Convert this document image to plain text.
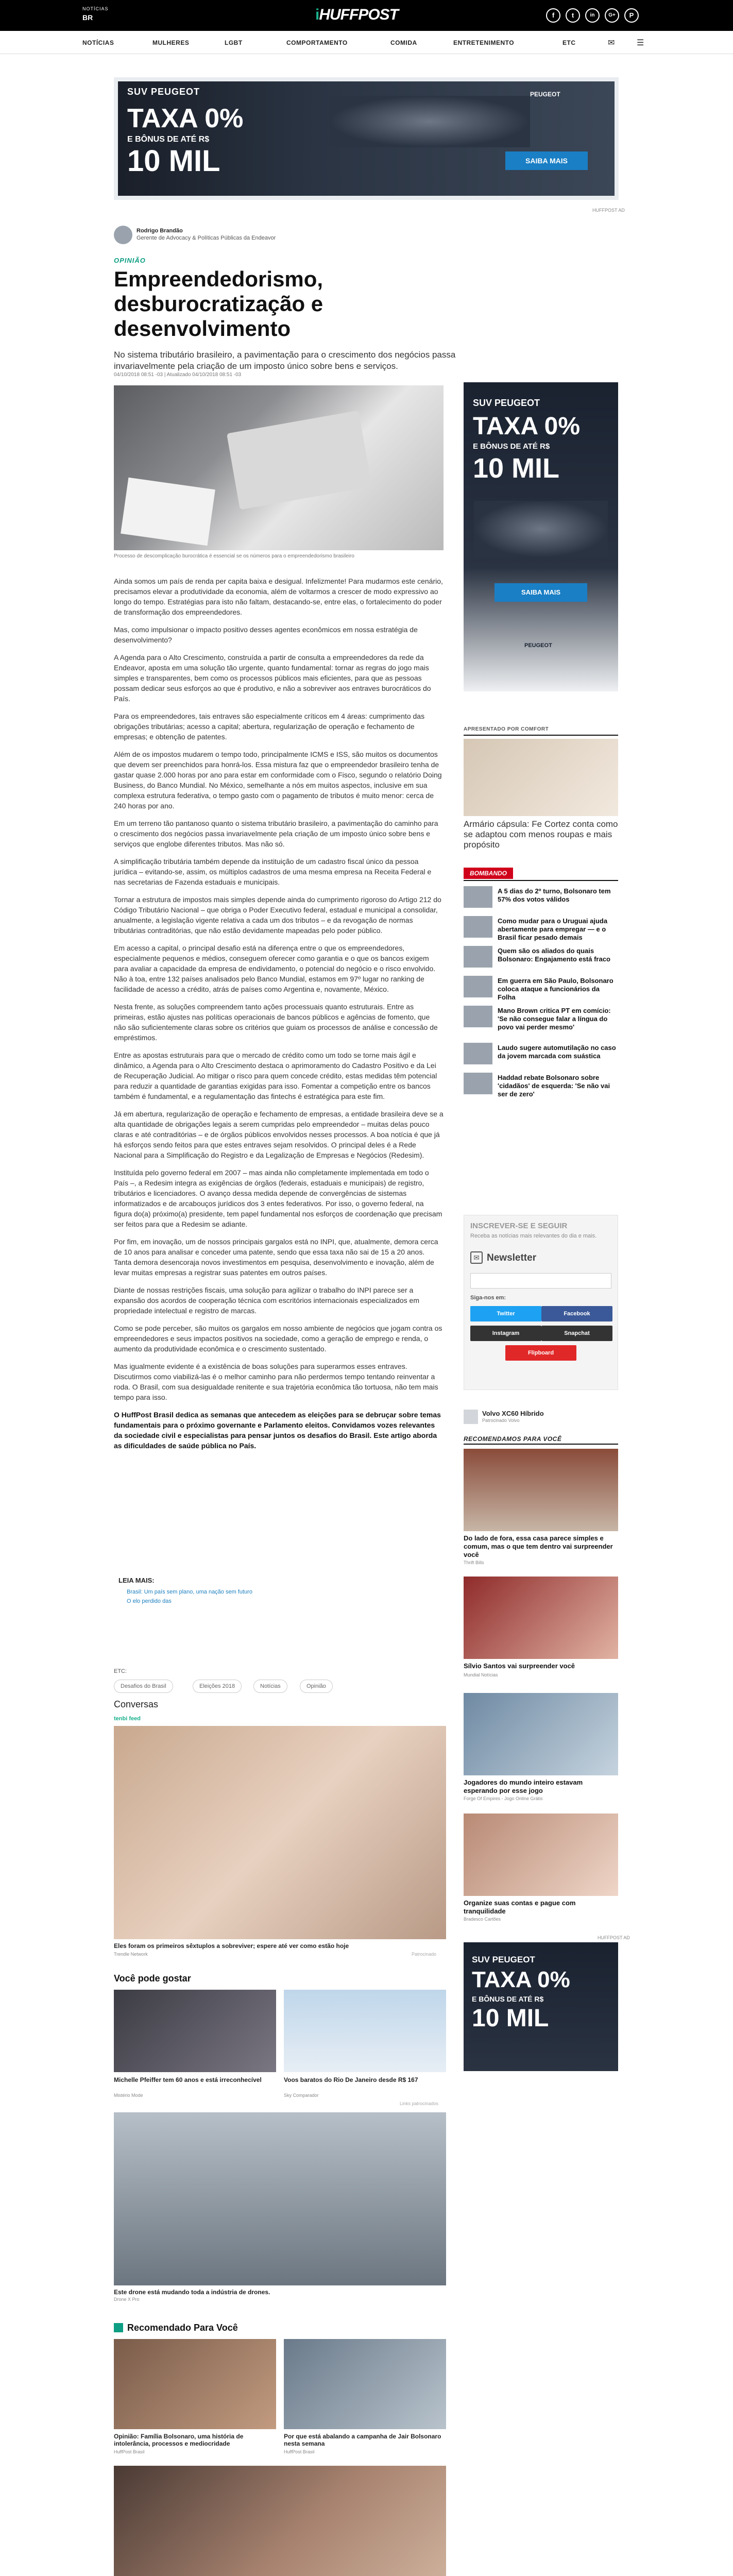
NOTÍCIAS
BR	iHUFFPOST	f	t	in	G+	P
NOTÍCIAS	MULHERES	LGBT	COMPORTAMENTO	COMIDA	ENTRETENIMENTO	ETC	✉	☰
SUV PEUGEOT
TAXA 0%
E BÔNUS DE ATÉ R$
10 MIL
PEUGEOT
SAIBA MAIS
HUFFPOST AD
Rodrigo Brandão
Gerente de Advocacy & Políticas Públicas da Endeavor
OPINIÃO
Empreendedorismo, desburocratização e desenvolvimento
No sistema tributário brasileiro, a pavimentação para o crescimento dos negócios passa invariavelmente pela criação de um imposto único sobre bens e serviços.
04/10/2018 08:51 -03 | Atualizado 04/10/2018 08:51 -03
Processo de descomplicação burocrática é essencial se os números para o empreendedorismo brasileiro

Ainda somos um país de renda per capita baixa e desigual. Infelizmente! Para mudarmos este cenário, precisamos elevar a produtividade da economia, além de voltarmos a crescer de modo expressivo ao longo do tempo. Estratégias para isto não faltam, destacando-se, entre elas, o fortalecimento do poder de transformação dos empreendedores.

Mas, como impulsionar o impacto positivo desses agentes econômicos em nossa estratégia de desenvolvimento?

A Agenda para o Alto Crescimento, construída a partir de consulta a empreendedores da rede da Endeavor, aposta em uma solução tão urgente, quanto fundamental: tornar as regras do jogo mais simples e transparentes, bem como os processos públicos mais eficientes, para que as pessoas possam dedicar seus esforços ao que é produtivo, e não a sobreviver aos entraves burocráticos do País.

Para os empreendedores, tais entraves são especialmente críticos em 4 áreas: cumprimento das obrigações tributárias; acesso a capital; abertura, regularização de operação e fechamento de empresas; e obtenção de patentes.

Além de os impostos mudarem o tempo todo, principalmente ICMS e ISS, são muitos os documentos que devem ser preenchidos para honrá-los. Essa mistura faz que o empreendedor brasileiro tenha de gastar quase 2.000 horas por ano para estar em conformidade com o Fisco, segundo o relatório Doing Business, do Banco Mundial. No México, semelhante a nós em muitos aspectos, inclusive em sua complexa estrutura federativa, o tempo gasto com o pagamento de tributos é muito menor: cerca de 240 horas por ano.

Em um terreno tão pantanoso quanto o sistema tributário brasileiro, a pavimentação do caminho para o crescimento dos negócios passa invariavelmente pela criação de um imposto único sobre bens e serviços que englobe diferentes tributos. Mas não só.

A simplificação tributária também depende da instituição de um cadastro fiscal único da pessoa jurídica – evitando-se, assim, os múltiplos cadastros de uma mesma empresa na Receita Federal e nas secretarias de Fazenda estaduais e municipais.

Tornar a estrutura de impostos mais simples depende ainda do cumprimento rigoroso do Artigo 212 do Código Tributário Nacional – que obriga o Poder Executivo federal, estadual e municipal a consolidar, anualmente, a legislação vigente relativa a cada um dos tributos – e da revogação de normas tributárias contraditórias, que não estão devidamente mapeadas pelo poder público.

Em acesso a capital, o principal desafio está na diferença entre o que os empreendedores, especialmente pequenos e médios, conseguem oferecer como garantia e o que os bancos exigem para avaliar a capacidade da empresa de endividamento, o potencial do negócio e o risco envolvido. Não à toa, entre 132 países analisados pelo Banco Mundial, estamos em 97º lugar no ranking de facilidade de acesso a crédito, atrás de países como Argentina e, novamente, México.

Nesta frente, as soluções compreendem tanto ações processuais quanto estruturais. Entre as primeiras, estão ajustes nas políticas operacionais de bancos públicos e agências de fomento, que não são suficientemente claras sobre os critérios que guiam os processos de análise e concessão de empréstimos.

Entre as apostas estruturais para que o mercado de crédito como um todo se torne mais ágil e dinâmico, a Agenda para o Alto Crescimento destaca o aprimoramento do Cadastro Positivo e da Lei de Recuperação Judicial. Ao mitigar o risco para quem concede crédito, estas medidas têm potencial para reduzir a quantidade de garantias exigidas para isso. Fomentar a competição entre os bancos também é fundamental, e a regulamentação das fintechs é estratégica para este fim.

Já em abertura, regularização de operação e fechamento de empresas, a entidade brasileira deve se a alta quantidade de obrigações legais a serem cumpridas pelo empreendedor – muitas delas pouco claras e até contraditórias – e de órgãos públicos envolvidos nesses processos. A boa notícia é que já há esforços sendo feitos para que estes entraves sejam resolvidos. O principal deles é a Rede Nacional para a Simplificação do Registro e da Legalização de Empresas e Negócios (Redesim).

Instituída pelo governo federal em 2007 – mas ainda não completamente implementada em todo o País –, a Redesim integra as exigências de órgãos (federais, estaduais e municipais) de registro, tributários e licenciadores. O avanço dessa medida depende de convergências de sistemas informatizados e de arcabouços jurídicos dos 3 entes federativos. Por isso, o governo federal, na figura do(a) próximo(a) presidente, tem papel fundamental nos esforços de coordenação que precisam ser feitos para que a Redesim se adiante.

Por fim, em inovação, um de nossos principais gargalos está no INPI, que, atualmente, demora cerca de 10 anos para analisar e conceder uma patente, sendo que essa taxa não sai de 15 a 20 anos. Tanta demora desencoraja novos investimentos em pesquisa, desenvolvimento e inovação, além de levar muitas empresas a registrar suas patentes em outros países.

Diante de nossas restrições fiscais, uma solução para agilizar o trabalho do INPI parece ser a expansão dos acordos de cooperação técnica com escritórios internacionais especializados em propriedade intelectual e registro de marcas.

Como se pode perceber, são muitos os gargalos em nosso ambiente de negócios que jogam contra os empreendedores e seus impactos positivos na sociedade, como a geração de emprego e renda, o aumento da produtividade econômica e o crescimento sustentado.

Mas igualmente evidente é a existência de boas soluções para superarmos esses entraves. Discutirmos como viabilizá-las é o melhor caminho para não perdermos tempo tentando reinventar a roda. O Brasil, com sua desigualdade renitente e sua trajetória econômica tão tortuosa, não tem mais tempo para isso.

O HuffPost Brasil dedica as semanas que antecedem as eleições para se debruçar sobre temas fundamentais para o próximo governante e Parlamento eleitos. Convidamos vozes relevantes da sociedade civil e especialistas para pensar juntos os desafios do Brasil. Este artigo aborda as dificuldades de saúde pública no País.

LEIA MAIS:
Brasil: Um país sem plano, uma nação sem futuro
O elo perdido das
ETC:
Desafios do Brasil	Eleições 2018	Notícias	Opinião
Conversas
tenbi feed
Eles foram os primeiros sêxtuplos a sobreviver; espere até ver como estão hoje
Trendle Network	Patrocinado
Você pode gostar
Michelle Pfeiffer tem 60 anos e está irreconhecível	Voos baratos do Rio De Janeiro desde R$ 167
Mistério Mode	Sky Comparador
Links patrocinados
Este drone está mudando toda a indústria de drones.
Drone X Pro
Recomendado Para Você
Opinião: Família Bolsonaro, uma história de intolerância, processos e mediocridade
Por que está abalando a campanha de Jair Bolsonaro nesta semana
HuffPost Brasil	HuffPost Brasil
SUV PEUGEOT
TAXA 0%
E BÔNUS DE ATÉ R$
10 MIL
SAIBA MAIS
PEUGEOT
APRESENTADO POR COMFORT
Armário cápsula: Fe Cortez conta como se adaptou com menos roupas e mais propósito
BOMBANDO
A 5 dias do 2º turno, Bolsonaro tem 57% dos votos válidos
Como mudar para o Uruguai ajuda abertamente para empregar — e o Brasil ficar pesado demais
Quem são os aliados do quais Bolsonaro: Engajamento está fraco
Em guerra em São Paulo, Bolsonaro coloca ataque a funcionários da Folha
Mano Brown critica PT em comício: 'Se não consegue falar a língua do povo vai perder mesmo'
Laudo sugere automutilação no caso da jovem marcada com suástica
Haddad rebate Bolsonaro sobre 'cidadãos' de esquerda: 'Se não vai ser de zero'
INSCREVER-SE E SEGUIR
Receba as notícias mais relevantes do dia e mais.
✉ Newsletter
Siga-nos em:
Twitter	Facebook
Instagram	Snapchat
Flipboard
Volvo XC60 Híbrido
Patrocinado Volvo
RECOMENDAMOS PARA VOCÊ
Do lado de fora, essa casa parece simples e comum, mas o que tem dentro vai surpreender você
Thrift Bills
Sílvio Santos vai surpreender você
Mundial Notícias
Jogadores do mundo inteiro estavam esperando por esse jogo
Forge Of Empires - Jogo Online Grátis
Organize suas contas e pague com tranquilidade
Bradesco Cartões
HUFFPOST AD
SUV PEUGEOT
TAXA 0%
E BÔNUS DE ATÉ R$
10 MIL
